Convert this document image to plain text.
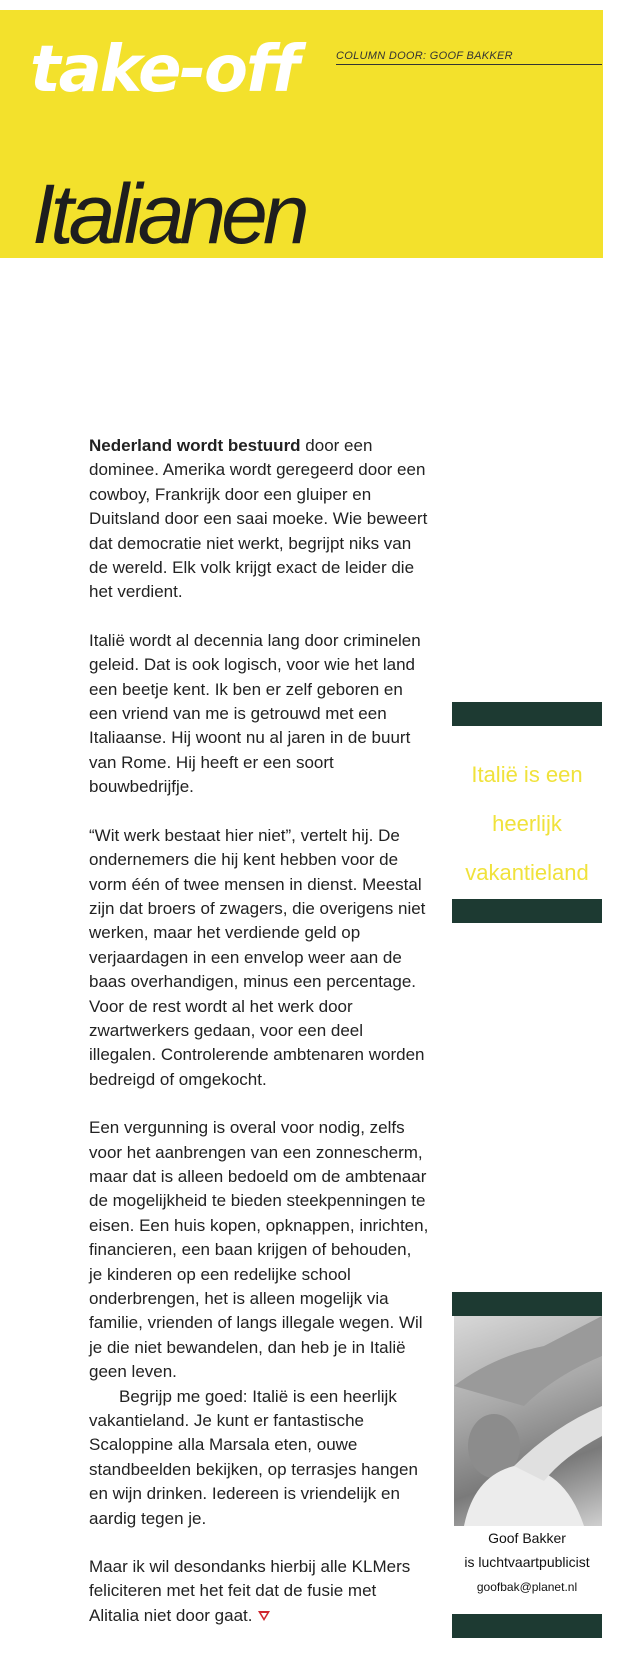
take-off	COLUMN DOOR: GOOF BAKKER
Italianen

Nederland wordt bestuurd door een dominee. Amerika wordt geregeerd door een cowboy, Frankrijk door een gluiper en Duitsland door een saai moeke. Wie beweert dat democratie niet werkt, begrijpt niks van de wereld. Elk volk krijgt exact de leider die het verdient.

Italië wordt al decennia lang door criminelen geleid. Dat is ook logisch, voor wie het land een beetje kent. Ik ben er zelf geboren en een vriend van me is getrouwd met een Italiaanse. Hij woont nu al jaren in de buurt van Rome. Hij heeft er een soort bouwbedrijfje.

“Wit werk bestaat hier niet”, vertelt hij. De ondernemers die hij kent hebben voor de vorm één of twee mensen in dienst. Meestal zijn dat broers of zwagers, die overigens niet werken, maar het verdiende geld op verjaardagen in een envelop weer aan de baas overhandigen, minus een percentage. Voor de rest wordt al het werk door zwartwerkers gedaan, voor een deel illegalen. Controlerende ambtenaren worden bedreigd of omgekocht.

Een vergunning is overal voor nodig, zelfs voor het aanbrengen van een zonnescherm, maar dat is alleen bedoeld om de ambtenaar de mogelijkheid te bieden steekpenningen te eisen. Een huis kopen, opknappen, inrichten, financieren, een baan krijgen of behouden, je kinderen op een redelijke school onderbrengen, het is alleen mogelijk via familie, vrienden of langs illegale wegen. Wil je die niet bewandelen, dan heb je in Italië geen leven.

Begrijp me goed: Italië is een heerlijk vakantieland. Je kunt er fantastische Scaloppine alla Marsala eten, ouwe standbeelden bekijken, op terrasjes hangen en wijn drinken. Iedereen is vriendelijk en aardig tegen je.

Maar ik wil desondanks hierbij alle KLMers feliciteren met het feit dat de fusie met Alitalia niet door gaat.

Italië is een heerlijk vakantieland
Goof Bakker
is luchtvaartpublicist
goofbak@planet.nl
